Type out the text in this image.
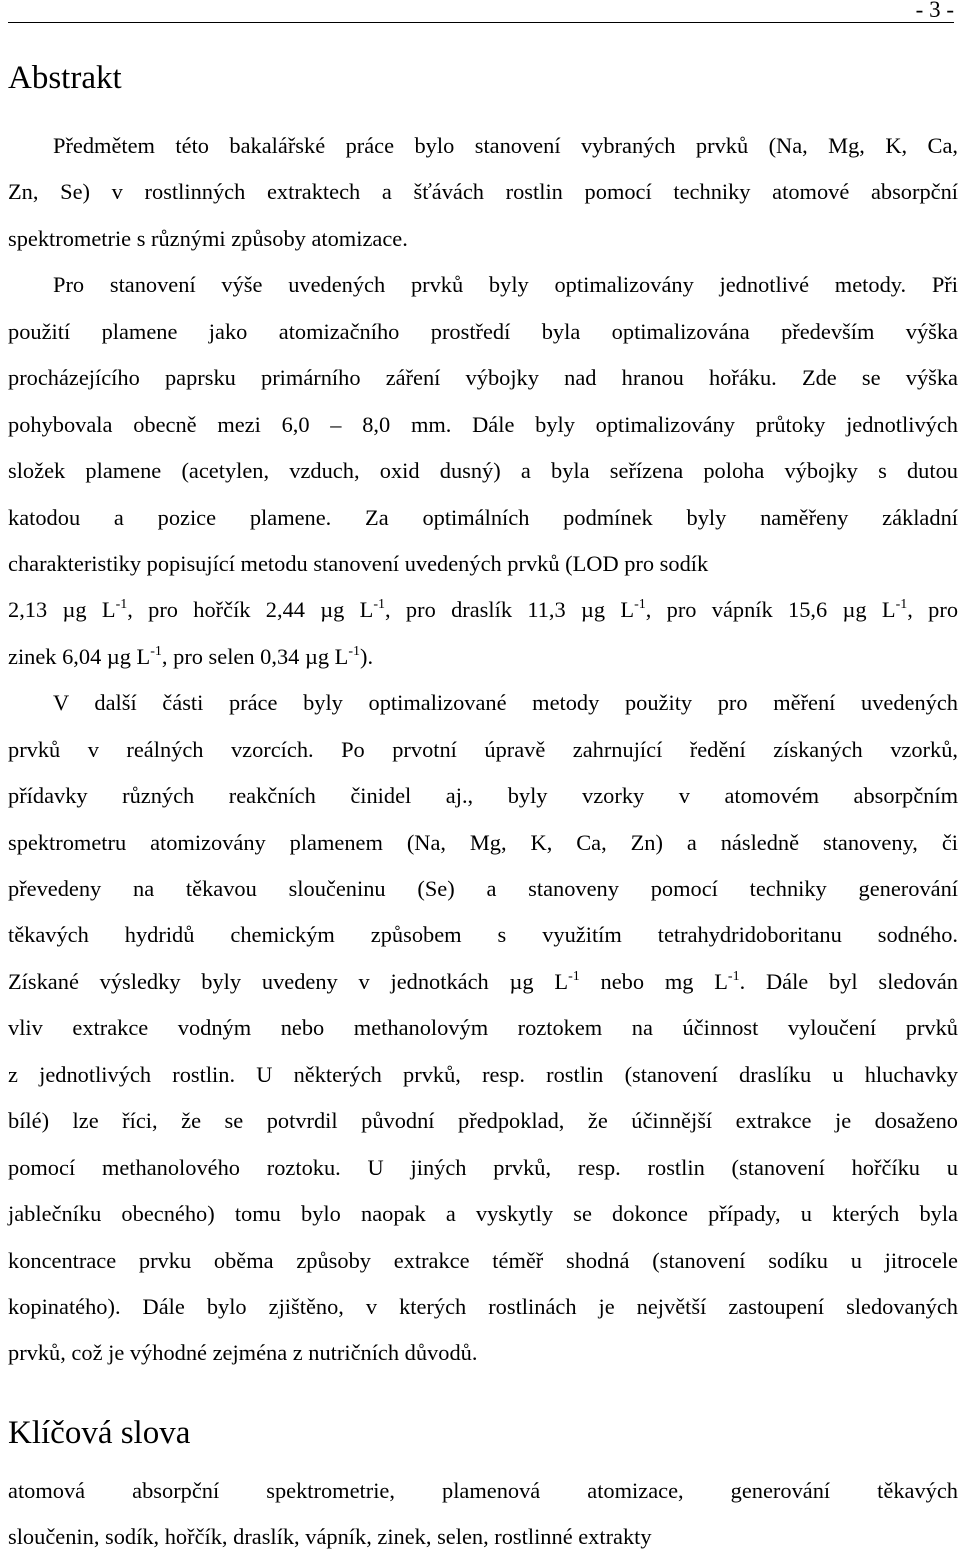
- 3 -
Abstrakt
Předmětem této bakalářské práce bylo stanovení vybraných prvků (Na, Mg, K, Ca,
Zn, Se) v rostlinných extraktech a šťávách rostlin pomocí techniky atomové absorpční
spektrometrie s různými způsoby atomizace.
Pro stanovení výše uvedených prvků byly optimalizovány jednotlivé metody. Při
použití plamene jako atomizačního prostředí byla optimalizována především výška
procházejícího paprsku primárního záření výbojky nad hranou hořáku. Zde se výška
pohybovala obecně mezi 6,0 – 8,0 mm. Dále byly optimalizovány průtoky jednotlivých
složek plamene (acetylen, vzduch, oxid dusný) a byla seřízena poloha výbojky s dutou
katodou a pozice plamene. Za optimálních podmínek byly naměřeny základní
charakteristiky popisující metodu stanovení uvedených prvků (LOD pro sodík
2,13 µg $L^{-1}$, pro hořčík 2,44 µg $L^{-1}$, pro draslík 11,3 µg $L^{-1}$, pro vápník 15,6 µg $L^{-1}$, pro
zinek 6,04 µg $L^{-1}$, pro selen 0,34 µg $L^{-1}$).
V další části práce byly optimalizované metody použity pro měření uvedených
prvků v reálných vzorcích. Po prvotní úpravě zahrnující ředění získaných vzorků,
přídavky různých reakčních činidel aj., byly vzorky v atomovém absorpčním
spektrometru atomizovány plamenem (Na, Mg, K, Ca, Zn) a následně stanoveny, či
převedeny na těkavou sloučeninu (Se) a stanoveny pomocí techniky generování
těkavých hydridů chemickým způsobem s využitím tetrahydridoboritanu sodného.
Získané výsledky byly uvedeny v jednotkách µg $L^{-1}$ nebo mg $L^{-1}$. Dále byl sledován
vliv extrakce vodným nebo methanolovým roztokem na účinnost vyloučení prvků
z jednotlivých rostlin. U některých prvků, resp. rostlin (stanovení draslíku u hluchavky
bílé) lze říci, že se potvrdil původní předpoklad, že účinnější extrakce je dosaženo
pomocí methanolového roztoku. U jiných prvků, resp. rostlin (stanovení hořčíku u
jablečníku obecného) tomu bylo naopak a vyskytly se dokonce případy, u kterých byla
koncentrace prvku oběma způsoby extrakce téměř shodná (stanovení sodíku u jitrocele
kopinatého). Dále bylo zjištěno, v kterých rostlinách je největší zastoupení sledovaných
prvků, což je výhodné zejména z nutričních důvodů.
Klíčová slova
atomová absorpční spektrometrie, plamenová atomizace, generování těkavých
sloučenin, sodík, hořčík, draslík, vápník, zinek, selen, rostlinné extrakty
